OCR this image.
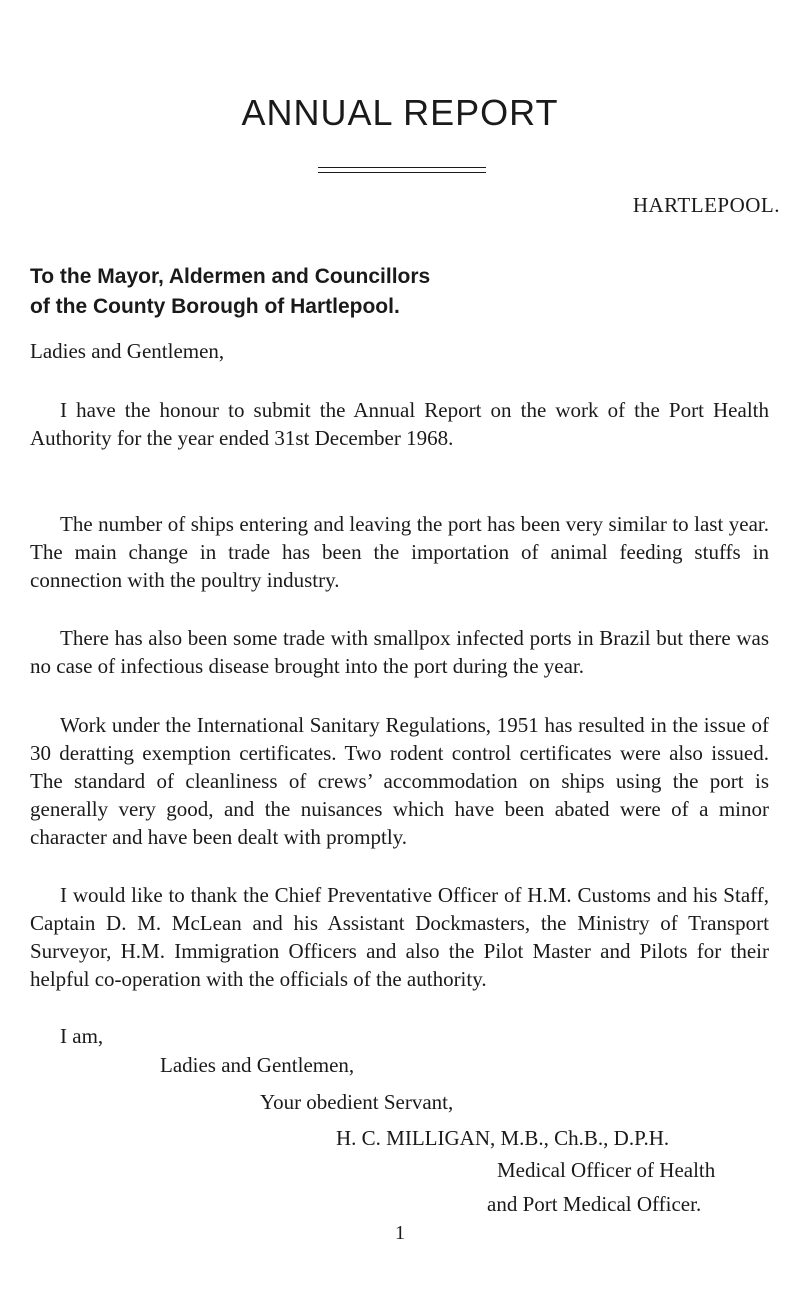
ANNUAL REPORT
HARTLEPOOL.
To the Mayor, Aldermen and Councillors
of the County Borough of Hartlepool.
Ladies and Gentlemen,

I have the honour to submit the Annual Report on the work of the Port Health Authority for the year ended 31st December 1968.

The number of ships entering and leaving the port has been very similar to last year. The main change in trade has been the importation of animal feeding stuffs in connection with the poultry industry.

There has also been some trade with smallpox infected ports in Brazil but there was no case of infectious disease brought into the port during the year.

Work under the International Sanitary Regulations, 1951 has resulted in the issue of 30 deratting exemption certificates. Two rodent control certificates were also issued. The standard of cleanliness of crews’ accommodation on ships using the port is generally very good, and the nuisances which have been abated were of a minor character and have been dealt with promptly.

I would like to thank the Chief Preventative Officer of H.M. Customs and his Staff, Captain D. M. McLean and his Assistant Dockmasters, the Ministry of Transport Surveyor, H.M. Immigration Officers and also the Pilot Master and Pilots for their helpful co-operation with the officials of the authority.

I am,
Ladies and Gentlemen,
Your obedient Servant,
H. C. MILLIGAN, M.B., Ch.B., D.P.H.
Medical Officer of Health
and Port Medical Officer.
1
